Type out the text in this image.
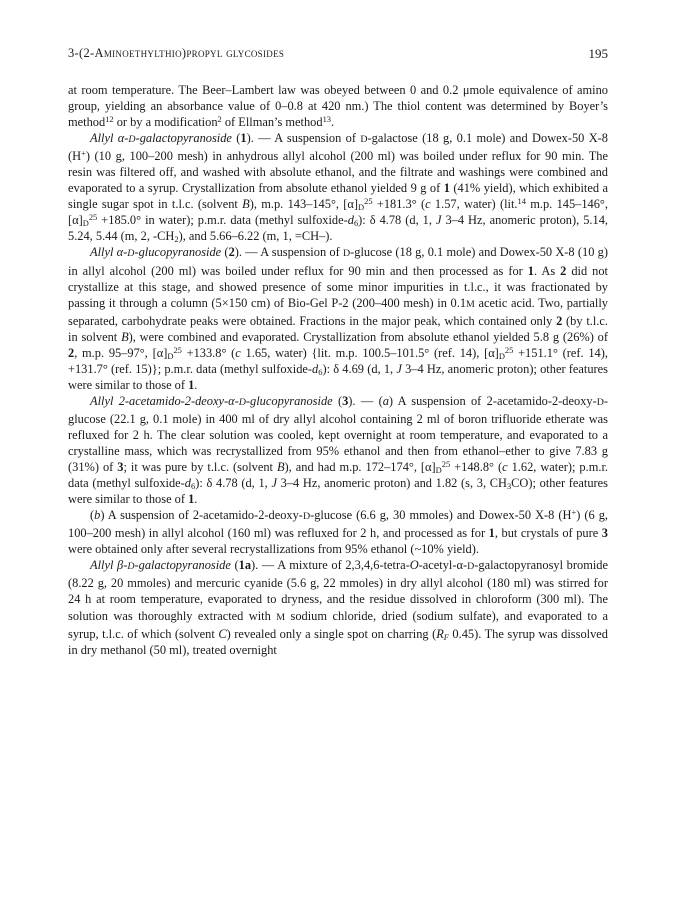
3-(2-Aminoethylthio)propyl glycosides	195

at room temperature. The Beer–Lambert law was obeyed between 0 and 0.2 μmole equivalence of amino group, yielding an absorbance value of 0–0.8 at 420 nm.) The thiol content was determined by Boyer’s method$^{12}$ or by a modification$^2$ of Ellman’s method$^{13}$.

Allyl α-D-galactopyranoside (1). — A suspension of D-galactose (18 g, 0.1 mole) and Dowex-50 X-8 (H+) (10 g, 100–200 mesh) in anhydrous allyl alcohol (200 ml) was boiled under reflux for 90 min. The resin was filtered off, and washed with absolute ethanol, and the filtrate and washings were combined and evaporated to a syrup. Crystallization from absolute ethanol yielded 9 g of 1 (41% yield), which exhibited a single sugar spot in t.l.c. (solvent B), m.p. 143–145°, $[\alpha]D^{25} +181.3^\circ$ (c 1.57, water) (lit.$^{14}$ m.p. 145–146°, $[\alpha]D^{25} +185.0^\circ$ in water); p.m.r. data (methyl sulfoxide-d6): δ 4.78 (d, 1, J 3–4 Hz, anomeric proton), 5.14, 5.24, 5.44 (m, 2, -CH2), and 5.66–6.22 (m, 1, =CH–).

Allyl α-D-glucopyranoside (2). — A suspension of D-glucose (18 g, 0.1 mole) and Dowex-50 X-8 (10 g) in allyl alcohol (200 ml) was boiled under reflux for 90 min and then processed as for 1. As 2 did not crystallize at this stage, and showed presence of some minor impurities in t.l.c., it was fractionated by passing it through a column (5×150 cm) of Bio-Gel P-2 (200–400 mesh) in 0.1M acetic acid. Two, partially separated, carbohydrate peaks were obtained. Fractions in the major peak, which contained only 2 (by t.l.c. in solvent B), were combined and evaporated. Crystallization from absolute ethanol yielded 5.8 g (26%) of 2, m.p. 95–97°, $[\alpha]D^{25} +133.8^\circ$ (c 1.65, water) {lit. m.p. 100.5–101.5° (ref. 14), $[\alpha]D^{25} +151.1^\circ$ (ref. 14), +131.7° (ref. 15)}; p.m.r. data (methyl sulfoxide-d6): δ 4.69 (d, 1, J 3–4 Hz, anomeric proton); other features were similar to those of 1.

Allyl 2-acetamido-2-deoxy-α-D-glucopyranoside (3). — (a) A suspension of 2-acetamido-2-deoxy-D-glucose (22.1 g, 0.1 mole) in 400 ml of dry allyl alcohol containing 2 ml of boron trifluoride etherate was refluxed for 2 h. The clear solution was cooled, kept overnight at room temperature, and evaporated to a crystalline mass, which was recrystallized from 95% ethanol and then from ethanol–ether to give 7.83 g (31%) of 3; it was pure by t.l.c. (solvent B), and had m.p. 172–174°, $[\alpha]D^{25} +148.8^\circ$ (c 1.62, water); p.m.r. data (methyl sulfoxide-d6): δ 4.78 (d, 1, J 3–4 Hz, anomeric proton) and 1.82 (s, 3, CH3CO); other features were similar to those of 1.

(b) A suspension of 2-acetamido-2-deoxy-D-glucose (6.6 g, 30 mmoles) and Dowex-50 X-8 (H+) (6 g, 100–200 mesh) in allyl alcohol (160 ml) was refluxed for 2 h, and processed as for 1, but crystals of pure 3 were obtained only after several recrystallizations from 95% ethanol (~10% yield).

Allyl β-D-galactopyranoside (1a). — A mixture of 2,3,4,6-tetra-O-acetyl-α-D-galactopyranosyl bromide (8.22 g, 20 mmoles) and mercuric cyanide (5.6 g, 22 mmoles) in dry allyl alcohol (180 ml) was stirred for 24 h at room temperature, evaporated to dryness, and the residue dissolved in chloroform (300 ml). The solution was thoroughly extracted with M sodium chloride, dried (sodium sulfate), and evaporated to a syrup, t.l.c. of which (solvent C) revealed only a single spot on charring (RF 0.45). The syrup was dissolved in dry methanol (50 ml), treated overnight
